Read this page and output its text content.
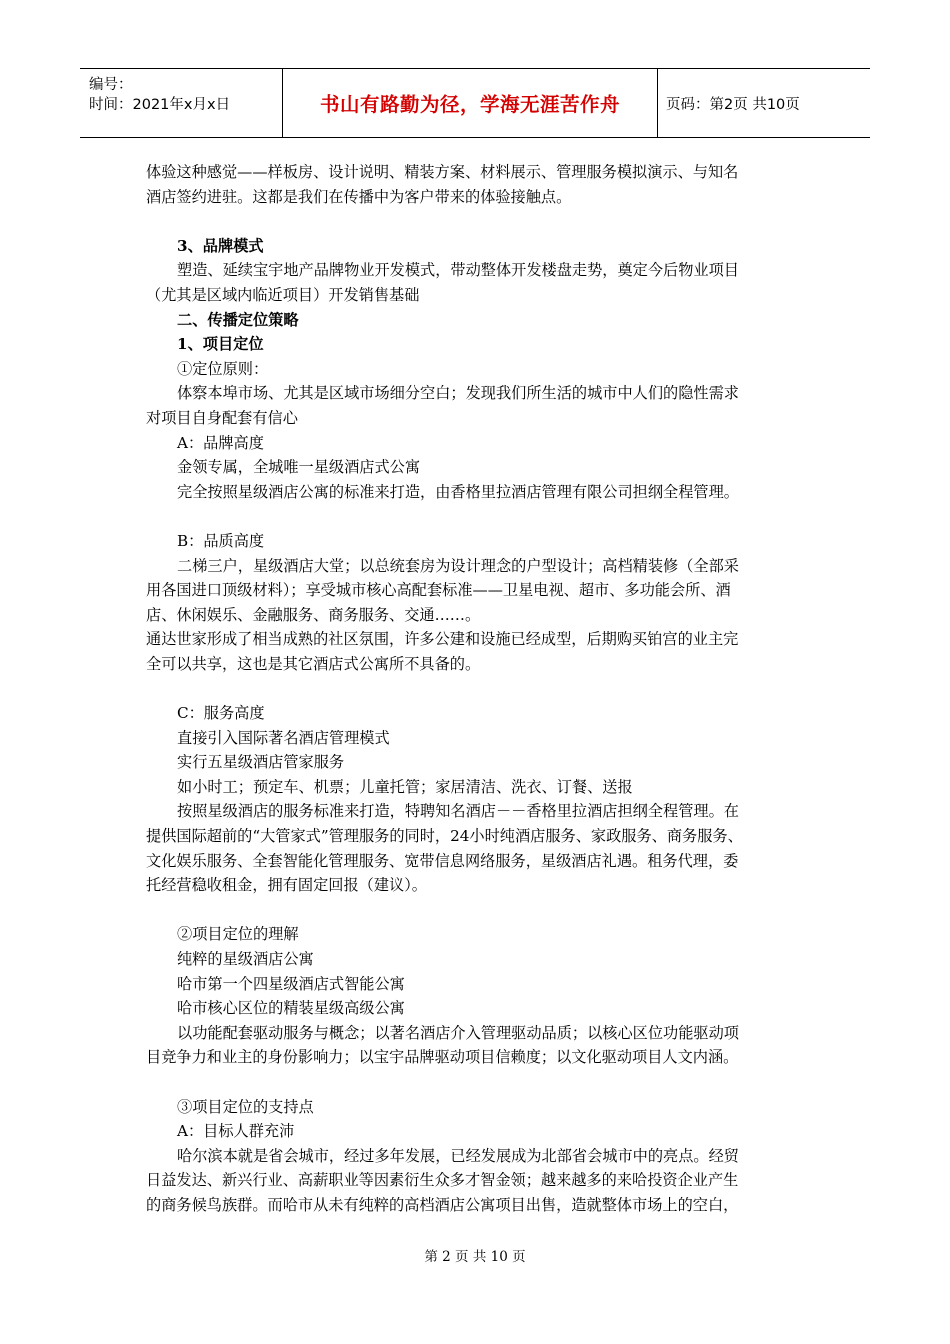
编号：
时间：2021年x月x日	书山有路勤为径，学海无涯苦作舟	页码：第2页 共10页
体验这种感觉——样板房、设计说明、精装方案、材料展示、管理服务模拟演示、与知名
酒店签约进驻。这都是我们在传播中为客户带来的体验接触点。
3、品牌模式
塑造、延续宝宇地产品牌物业开发模式，带动整体开发楼盘走势，奠定今后物业项目
（尤其是区域内临近项目）开发销售基础
二、传播定位策略
1、项目定位
①定位原则：
体察本埠市场、尤其是区域市场细分空白；发现我们所生活的城市中人们的隐性需求
对项目自身配套有信心
A：品牌高度
金领专属，全城唯一星级酒店式公寓
完全按照星级酒店公寓的标准来打造，由香格里拉酒店管理有限公司担纲全程管理。
B：品质高度
二梯三户，星级酒店大堂；以总统套房为设计理念的户型设计；高档精装修（全部采
用各国进口顶级材料）；享受城市核心高配套标准——卫星电视、超市、多功能会所、酒
店、休闲娱乐、金融服务、商务服务、交通……。
通达世家形成了相当成熟的社区氛围，许多公建和设施已经成型，后期购买铂宫的业主完
全可以共享，这也是其它酒店式公寓所不具备的。
C：服务高度
直接引入国际著名酒店管理模式
实行五星级酒店管家服务
如小时工；预定车、机票；儿童托管；家居清洁、洗衣、订餐、送报
按照星级酒店的服务标准来打造，特聘知名酒店－－香格里拉酒店担纲全程管理。在
提供国际超前的“大管家式”管理服务的同时，24小时纯酒店服务、家政服务、商务服务、
文化娱乐服务、全套智能化管理服务、宽带信息网络服务，星级酒店礼遇。租务代理，委
托经营稳收租金，拥有固定回报（建议）。
②项目定位的理解
纯粹的星级酒店公寓
哈市第一个四星级酒店式智能公寓
哈市核心区位的精装星级高级公寓
以功能配套驱动服务与概念；以著名酒店介入管理驱动品质；以核心区位功能驱动项
目竞争力和业主的身份影响力；以宝宇品牌驱动项目信赖度；以文化驱动项目人文内涵。
③项目定位的支持点
A：目标人群充沛
哈尔滨本就是省会城市，经过多年发展，已经发展成为北部省会城市中的亮点。经贸
日益发达、新兴行业、高薪职业等因素衍生众多才智金领；越来越多的来哈投资企业产生
的商务候鸟族群。而哈市从未有纯粹的高档酒店公寓项目出售，造就整体市场上的空白，
第 2 页 共 10 页
